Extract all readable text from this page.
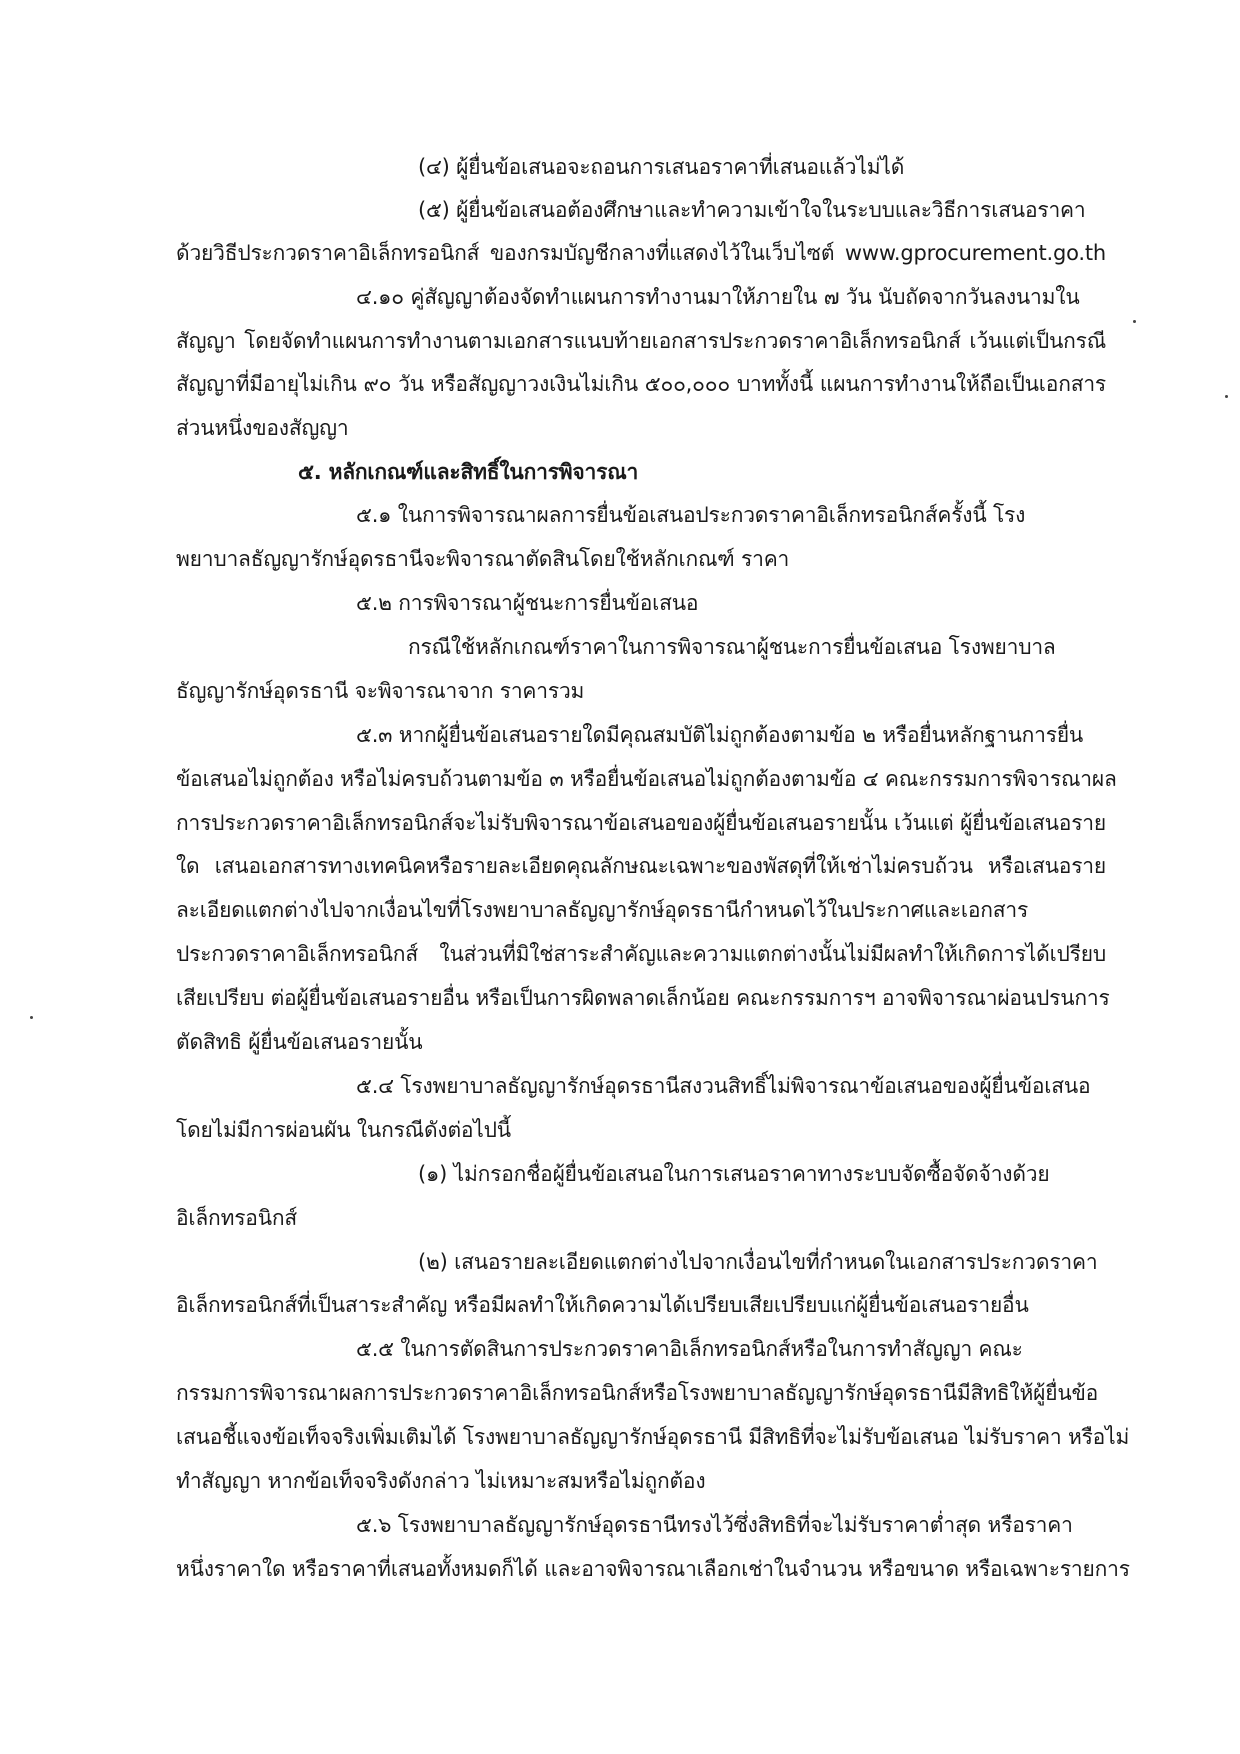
(๔) ผู้ยื่นข้อเสนอจะถอนการเสนอราคาที่เสนอแล้วไม่ได้
(๕) ผู้ยื่นข้อเสนอต้องศึกษาและทำความเข้าใจในระบบและวิธีการเสนอราคา
ด้วยวิธีประกวดราคาอิเล็กทรอนิกส์ ของกรมบัญชีกลางที่แสดงไว้ในเว็บไซต์ www.gprocurement.go.th
๔.๑๐ คู่สัญญาต้องจัดทำแผนการทำงานมาให้ภายใน ๗ วัน นับถัดจากวันลงนามใน
สัญญา โดยจัดทำแผนการทำงานตามเอกสารแนบท้ายเอกสารประกวดราคาอิเล็กทรอนิกส์ เว้นแต่เป็นกรณี
สัญญาที่มีอายุไม่เกิน ๙๐ วัน หรือสัญญาวงเงินไม่เกิน ๕๐๐,๐๐๐ บาททั้งนี้ แผนการทำงานให้ถือเป็นเอกสาร
ส่วนหนึ่งของสัญญา
๕. หลักเกณฑ์และสิทธิ์ในการพิจารณา
๕.๑ ในการพิจารณาผลการยื่นข้อเสนอประกวดราคาอิเล็กทรอนิกส์ครั้งนี้ โรง
พยาบาลธัญญารักษ์อุดรธานีจะพิจารณาตัดสินโดยใช้หลักเกณฑ์ ราคา
๕.๒ การพิจารณาผู้ชนะการยื่นข้อเสนอ
กรณีใช้หลักเกณฑ์ราคาในการพิจารณาผู้ชนะการยื่นข้อเสนอ โรงพยาบาล
ธัญญารักษ์อุดรธานี จะพิจารณาจาก ราคารวม
๕.๓ หากผู้ยื่นข้อเสนอรายใดมีคุณสมบัติไม่ถูกต้องตามข้อ ๒ หรือยื่นหลักฐานการยื่น
ข้อเสนอไม่ถูกต้อง หรือไม่ครบถ้วนตามข้อ ๓ หรือยื่นข้อเสนอไม่ถูกต้องตามข้อ ๔ คณะกรรมการพิจารณาผล
การประกวดราคาอิเล็กทรอนิกส์จะไม่รับพิจารณาข้อเสนอของผู้ยื่นข้อเสนอรายนั้น เว้นแต่ ผู้ยื่นข้อเสนอราย
ใด เสนอเอกสารทางเทคนิคหรือรายละเอียดคุณลักษณะเฉพาะของพัสดุที่ให้เช่าไม่ครบถ้วน หรือเสนอราย
ละเอียดแตกต่างไปจากเงื่อนไขที่โรงพยาบาลธัญญารักษ์อุดรธานีกำหนดไว้ในประกาศและเอกสาร
ประกวดราคาอิเล็กทรอนิกส์ ในส่วนที่มิใช่สาระสำคัญและความแตกต่างนั้นไม่มีผลทำให้เกิดการได้เปรียบ
เสียเปรียบ ต่อผู้ยื่นข้อเสนอรายอื่น หรือเป็นการผิดพลาดเล็กน้อย คณะกรรมการฯ อาจพิจารณาผ่อนปรนการ
ตัดสิทธิ ผู้ยื่นข้อเสนอรายนั้น
๕.๔ โรงพยาบาลธัญญารักษ์อุดรธานีสงวนสิทธิ์ไม่พิจารณาข้อเสนอของผู้ยื่นข้อเสนอ
โดยไม่มีการผ่อนผัน ในกรณีดังต่อไปนี้
(๑) ไม่กรอกชื่อผู้ยื่นข้อเสนอในการเสนอราคาทางระบบจัดซื้อจัดจ้างด้วย
อิเล็กทรอนิกส์
(๒) เสนอรายละเอียดแตกต่างไปจากเงื่อนไขที่กำหนดในเอกสารประกวดราคา
อิเล็กทรอนิกส์ที่เป็นสาระสำคัญ หรือมีผลทำให้เกิดความได้เปรียบเสียเปรียบแก่ผู้ยื่นข้อเสนอรายอื่น
๕.๕ ในการตัดสินการประกวดราคาอิเล็กทรอนิกส์หรือในการทำสัญญา คณะ
กรรมการพิจารณาผลการประกวดราคาอิเล็กทรอนิกส์หรือโรงพยาบาลธัญญารักษ์อุดรธานีมีสิทธิให้ผู้ยื่นข้อ
เสนอชี้แจงข้อเท็จจริงเพิ่มเติมได้ โรงพยาบาลธัญญารักษ์อุดรธานี มีสิทธิที่จะไม่รับข้อเสนอ ไม่รับราคา หรือไม่
ทำสัญญา หากข้อเท็จจริงดังกล่าว ไม่เหมาะสมหรือไม่ถูกต้อง
๕.๖ โรงพยาบาลธัญญารักษ์อุดรธานีทรงไว้ซึ่งสิทธิที่จะไม่รับราคาต่ำสุด หรือราคา
หนึ่งราคาใด หรือราคาที่เสนอทั้งหมดก็ได้ และอาจพิจารณาเลือกเช่าในจำนวน หรือขนาด หรือเฉพาะรายการ
